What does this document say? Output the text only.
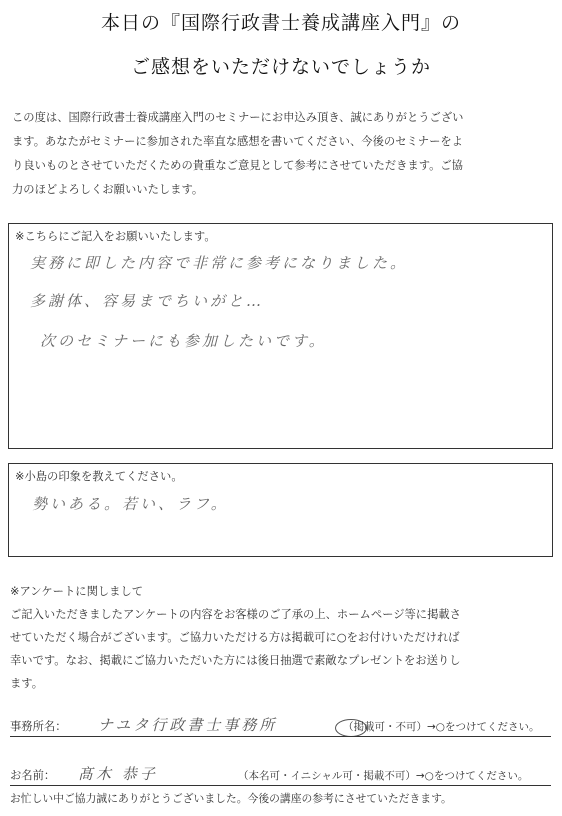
本日の『国際行政書士養成講座入門』の
ご感想をいただけないでしょうか
この度は、国際行政書士養成講座入門のセミナーにお申込み頂き、誠にありがとうござい
ます。あなたがセミナーに参加された率直な感想を書いてください、今後のセミナーをよ
り良いものとさせていただくための貴重なご意見として参考にさせていただきます。ご協
力のほどよろしくお願いいたします。
※こちらにご記入をお願いいたします。
実務に即した内容で非常に参考になりました。
多謝体、容易までちいがと…
次のセミナーにも参加したいです。
※小島の印象を教えてください。
勢いある。若い、ラフ。
※アンケートに関しまして
ご記入いただきましたアンケートの内容をお客様のご了承の上、ホームページ等に掲載さ
せていただく場合がございます。ご協力いただける方は掲載可に○をお付けいただければ
幸いです。なお、掲載にご協力いただいた方には後日抽選で素敵なプレゼントをお送りし
ます。
事務所名： ナユタ行政書士事務所	（掲載可・不可）→○をつけてください。
お名前： 髙木 恭子	（本名可・イニシャル可・掲載不可）→○をつけてください。
お忙しい中ご協力誠にありがとうございました。今後の講座の参考にさせていただきます。
